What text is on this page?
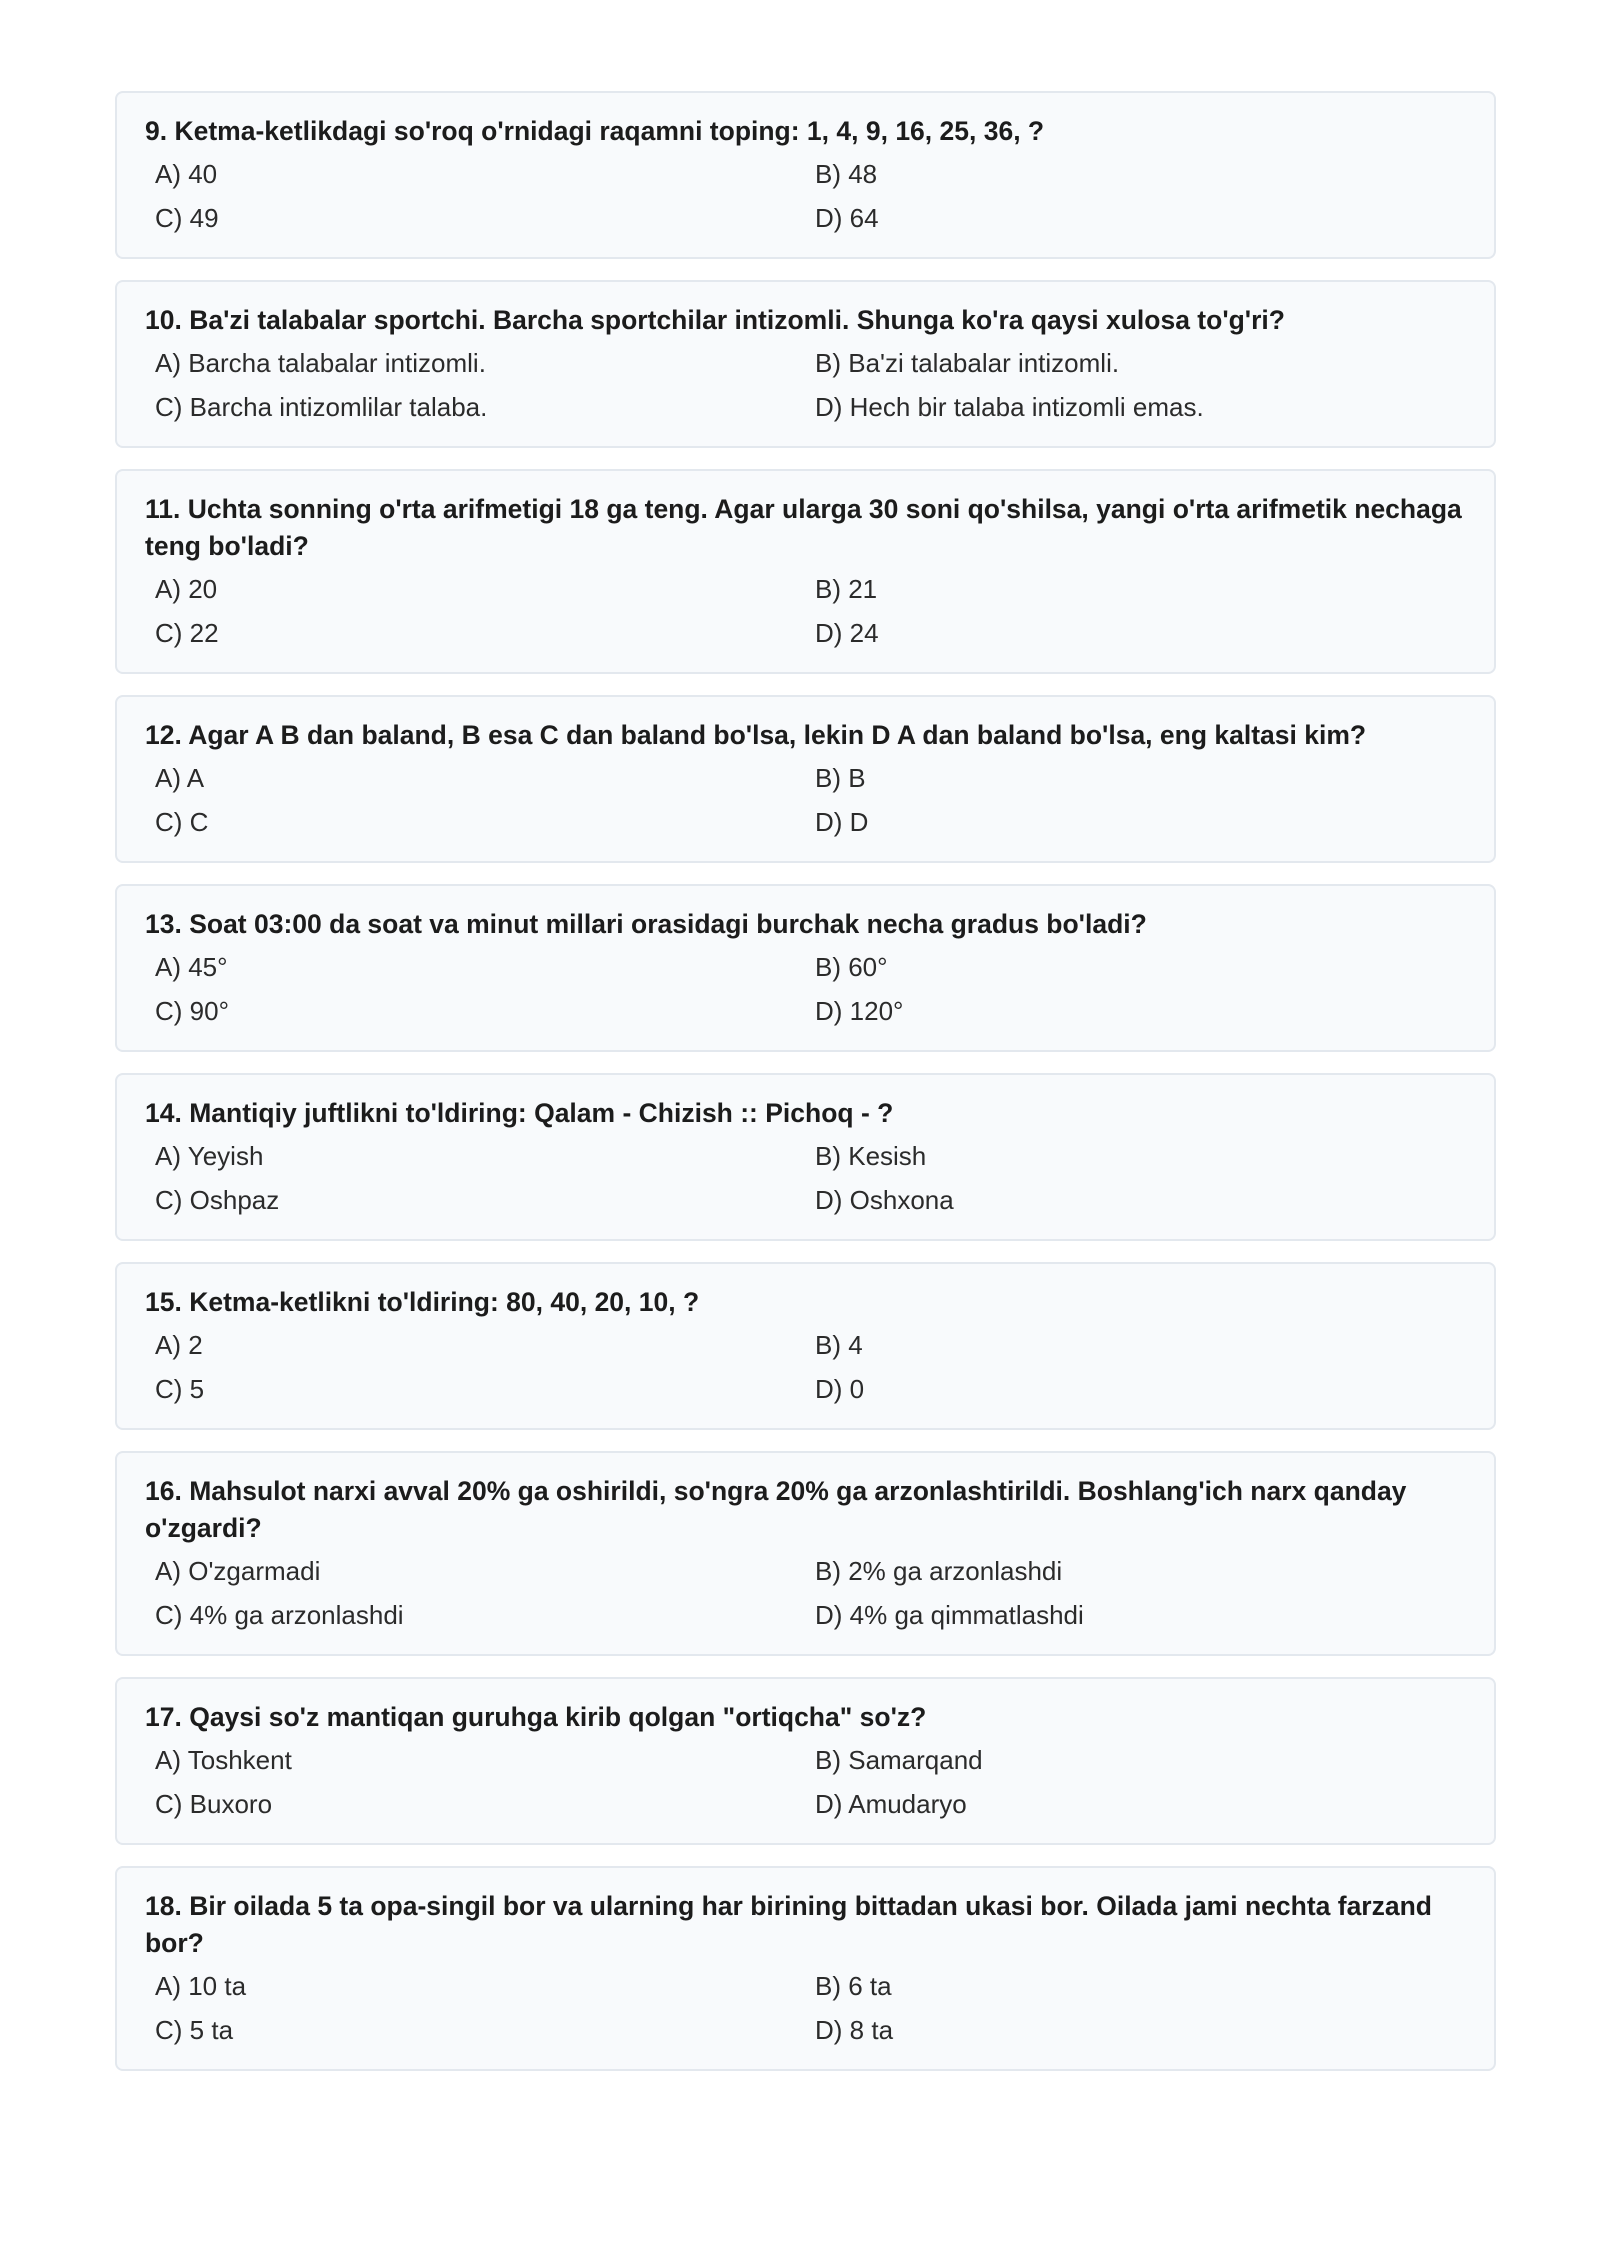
9. Ketma-ketlikdagi so'roq o'rnidagi raqamni toping: 1, 4, 9, 16, 25, 36, ?
A) 40	B) 48
C) 49	D) 64
10. Ba'zi talabalar sportchi. Barcha sportchilar intizomli. Shunga ko'ra qaysi xulosa to'g'ri?
A) Barcha talabalar intizomli.	B) Ba'zi talabalar intizomli.
C) Barcha intizomlilar talaba.	D) Hech bir talaba intizomli emas.
11. Uchta sonning o'rta arifmetigi 18 ga teng. Agar ularga 30 soni qo'shilsa, yangi o'rta arifmetik nechaga teng bo'ladi?
A) 20	B) 21
C) 22	D) 24
12. Agar A B dan baland, B esa C dan baland bo'lsa, lekin D A dan baland bo'lsa, eng kaltasi kim?
A) A	B) B
C) C	D) D
13. Soat 03:00 da soat va minut millari orasidagi burchak necha gradus bo'ladi?
A) 45°	B) 60°
C) 90°	D) 120°
14. Mantiqiy juftlikni to'ldiring: Qalam - Chizish :: Pichoq - ?
A) Yeyish	B) Kesish
C) Oshpaz	D) Oshxona
15. Ketma-ketlikni to'ldiring: 80, 40, 20, 10, ?
A) 2	B) 4
C) 5	D) 0
16. Mahsulot narxi avval 20% ga oshirildi, so'ngra 20% ga arzonlashtirildi. Boshlang'ich narx qanday o'zgardi?
A) O'zgarmadi	B) 2% ga arzonlashdi
C) 4% ga arzonlashdi	D) 4% ga qimmatlashdi
17. Qaysi so'z mantiqan guruhga kirib qolgan "ortiqcha" so'z?
A) Toshkent	B) Samarqand
C) Buxoro	D) Amudaryo
18. Bir oilada 5 ta opa-singil bor va ularning har birining bittadan ukasi bor. Oilada jami nechta farzand bor?
A) 10 ta	B) 6 ta
C) 5 ta	D) 8 ta
